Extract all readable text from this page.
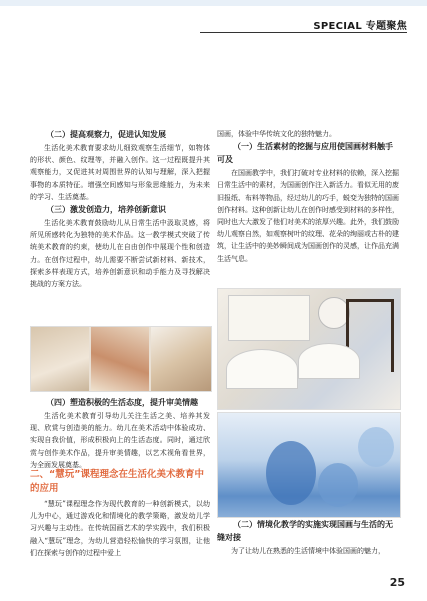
SPECIAL 专题聚焦
（二）提高观察力，促进认知发展

生活化美术教育要求幼儿细致观察生活细节，如物体的形状、颜色、纹理等，并融入创作。这一过程既提升其观察能力，又促进其对周围世界的认知与理解，深入把握事物的本质特征。增强空间感知与形象思维能力，为未来的学习、生活奠基。

（三）激发创造力，培养创新意识

生活化美术教育鼓励幼儿从日常生活中汲取灵感，将所见所感转化为独特的美术作品。这一教学模式突破了传统美术教育的约束，使幼儿在自由创作中展现个性和创造力。在创作过程中，幼儿需要不断尝试新材料、新技术，探索多样表现方式，培养创新意识和动手能力及寻找解决挑战的方案方法。

（四）塑造积极的生活态度，提升审美情趣

生活化美术教育引导幼儿关注生活之美、培养其发现、欣赏与创造美的能力。幼儿在美术活动中体验成功、实现自我价值，形成积极向上的生活态度。同时，通过欣赏与创作美术作品，提升审美情趣，以艺术视角看世界，为全面发展奠基。

二、“慧玩”课程理念在生活化美术教育中的应用

“慧玩”课程理念作为现代教育的一种创新模式，以幼儿为中心，通过游戏化和情境化的教学策略，激发幼儿学习兴趣与主动性。在传统国画艺术的学实践中，我们积极融入“慧玩”理念，为幼儿营造轻松愉快的学习氛围，让他们在探索与创作的过程中爱上

国画，体验中华传统文化的独特魅力。

（一）生活素材的挖掘与应用使国画材料触手可及

在国画教学中，我们打破对专业材料的依赖，深入挖掘日常生活中的素材，为国画创作注入新活力。看似无用的废旧报纸、布料等物品，经过幼儿的巧手，蜕变为独特的国画创作材料。这种创新让幼儿在创作时感受到材料的多样性，同时也大大激发了他们对美术的浓厚兴趣。此外，我们鼓励幼儿观察自然，如观察树叶的纹理、花朵的绚丽或古朴的建筑，让生活中的美妙瞬间成为国画创作的灵感，让作品充满生活气息。

（二）情境化教学的实施实现国画与生活的无缝对接

为了让幼儿在熟悉的生活情境中体验国画的魅力，

25
